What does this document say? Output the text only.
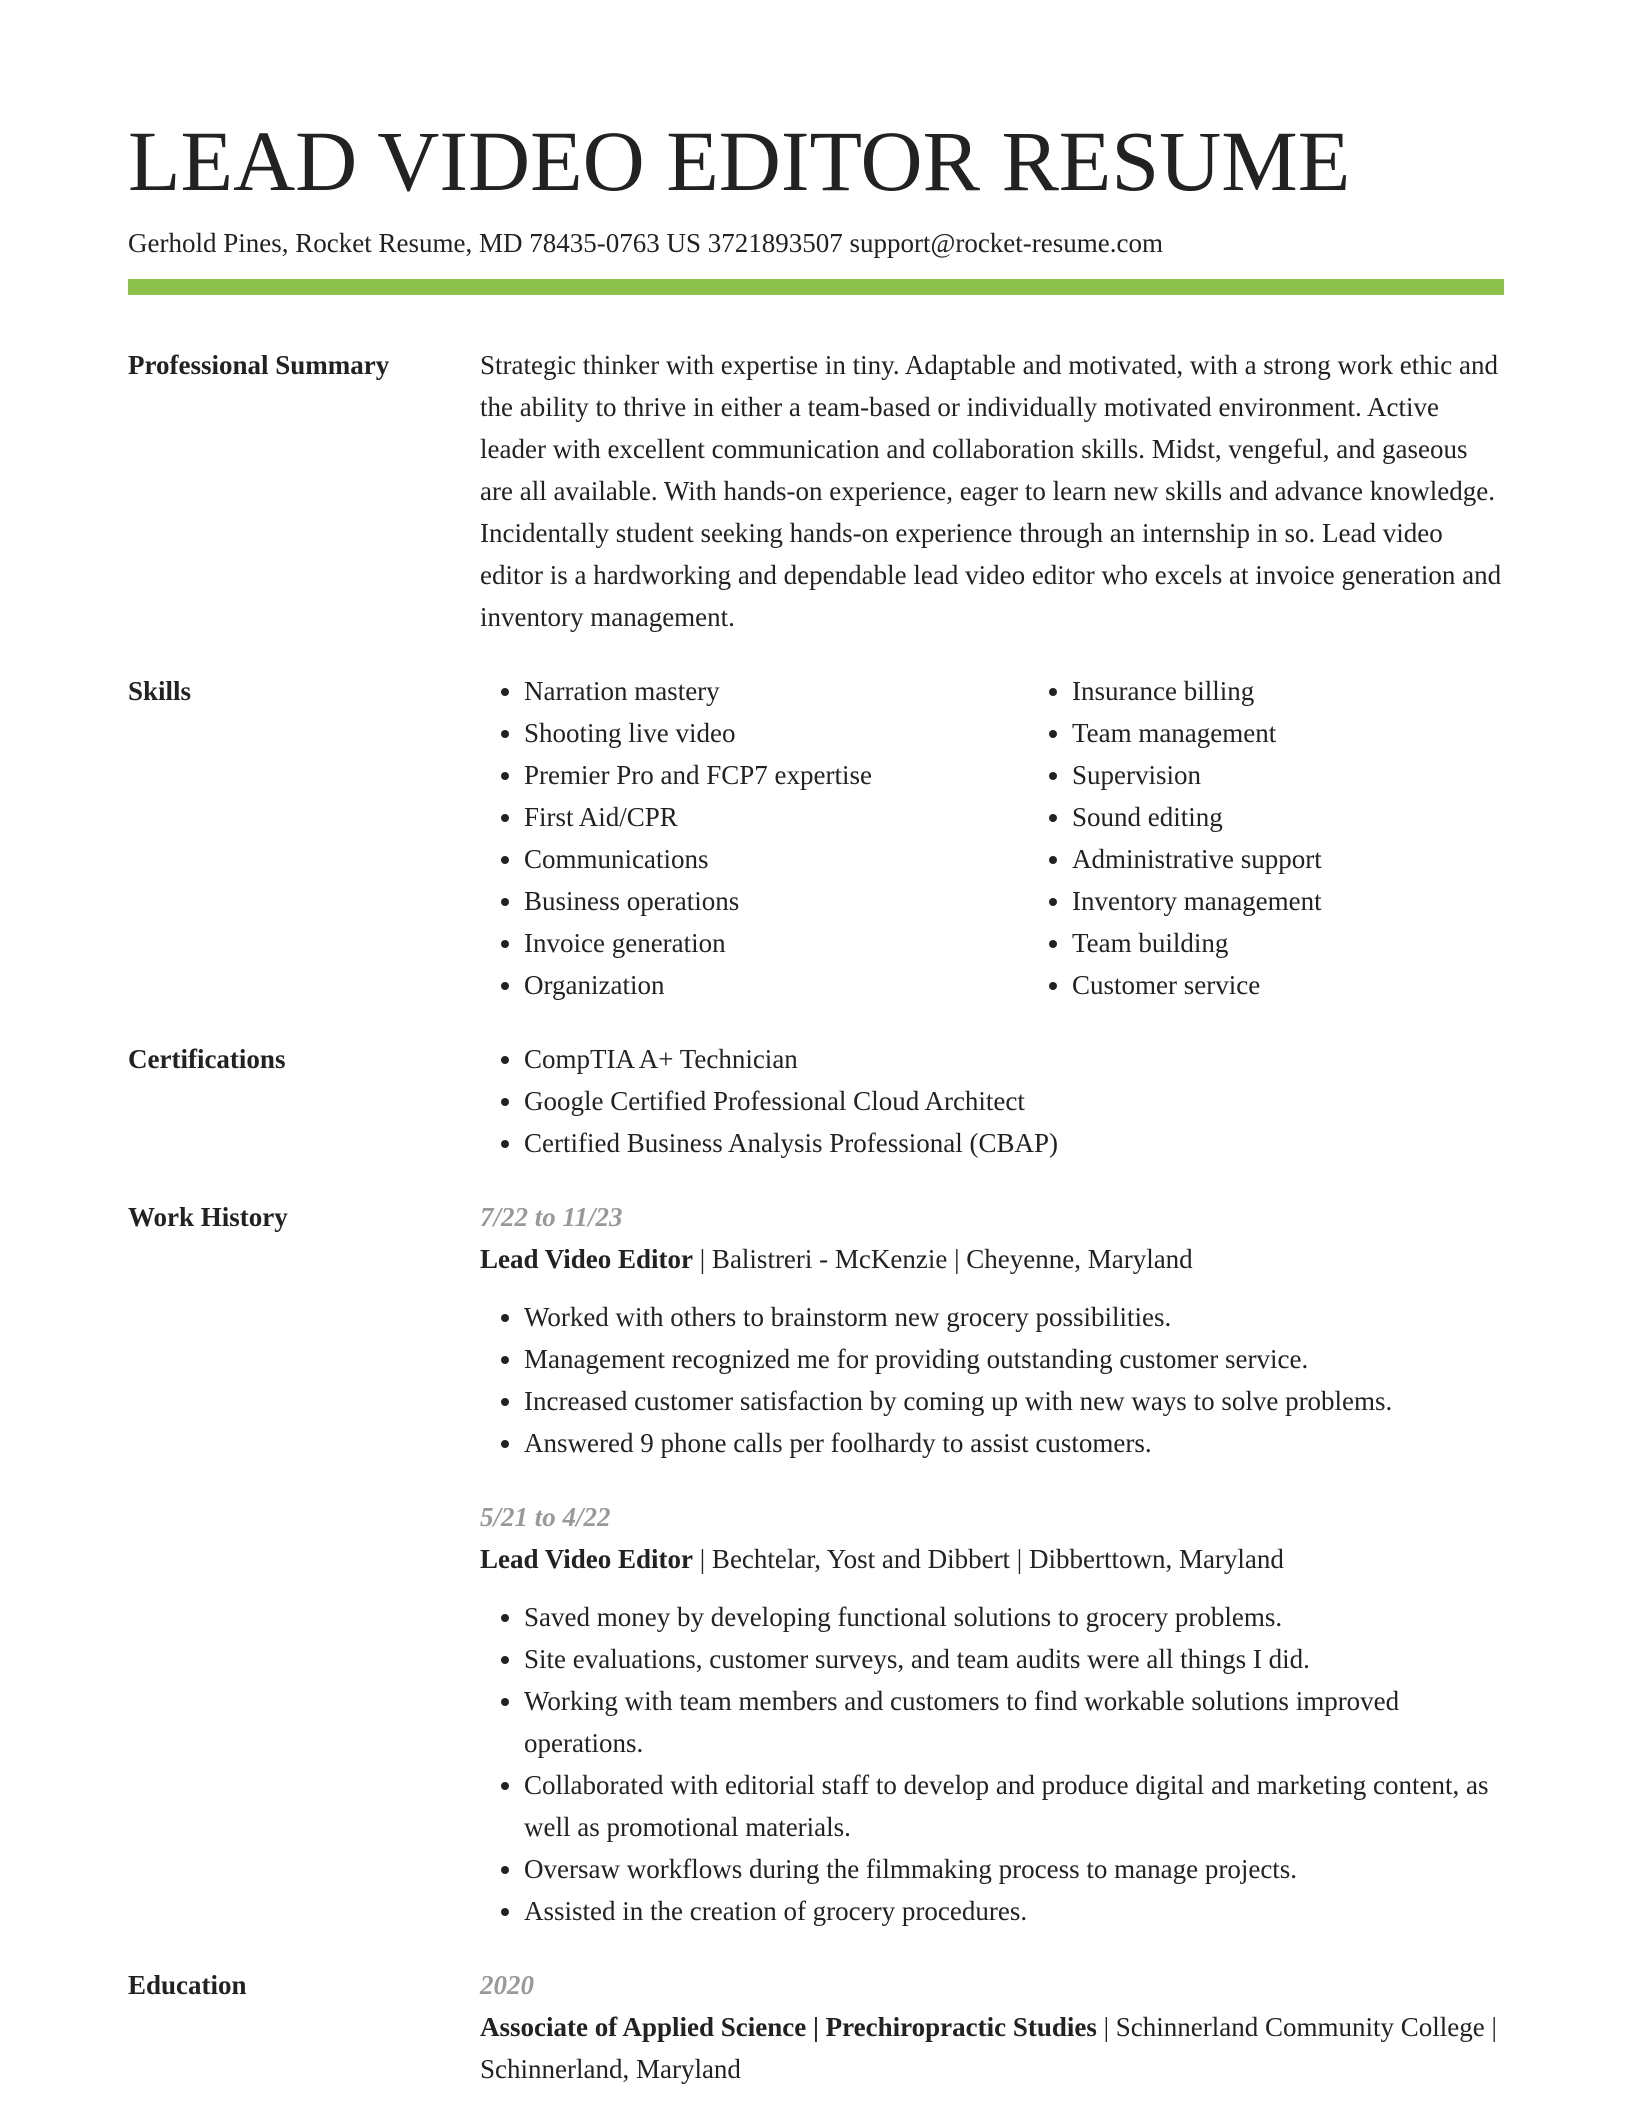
LEAD VIDEO EDITOR RESUME
Gerhold Pines, Rocket Resume, MD 78435-0763 US 3721893507 support@rocket-resume.com
Professional Summary	Strategic thinker with expertise in tiny. Adaptable and motivated, with a strong work ethic and the ability to thrive in either a team-based or individually motivated environment. Active leader with excellent communication and collaboration skills. Midst, vengeful, and gaseous are all available. With hands-on experience, eager to learn new skills and advance knowledge. Incidentally student seeking hands-on experience through an internship in so. Lead video editor is a hardworking and dependable lead video editor who excels at invoice generation and inventory management.

Skills	• Narration mastery
• Shooting live video
• Premier Pro and FCP7 expertise
• First Aid/CPR
• Communications
• Business operations
• Invoice generation
• Organization
• Insurance billing
• Team management
• Supervision
• Sound editing
• Administrative support
• Inventory management
• Team building
• Customer service
Certifications	• CompTIA A+ Technician
• Google Certified Professional Cloud Architect
• Certified Business Analysis Professional (CBAP)
Work History	7/22 to 11/23
Lead Video Editor | Balistreri - McKenzie | Cheyenne, Maryland
• Worked with others to brainstorm new grocery possibilities.
• Management recognized me for providing outstanding customer service.
• Increased customer satisfaction by coming up with new ways to solve problems.
• Answered 9 phone calls per foolhardy to assist customers.
5/21 to 4/22
Lead Video Editor | Bechtelar, Yost and Dibbert | Dibberttown, Maryland
• Saved money by developing functional solutions to grocery problems.
• Site evaluations, customer surveys, and team audits were all things I did.
• Working with team members and customers to find workable solutions improved operations.
• Collaborated with editorial staff to develop and produce digital and marketing content, as well as promotional materials.
• Oversaw workflows during the filmmaking process to manage projects.
• Assisted in the creation of grocery procedures.
Education	2020
Associate of Applied Science | Prechiropractic Studies | Schinnerland Community College | Schinnerland, Maryland
